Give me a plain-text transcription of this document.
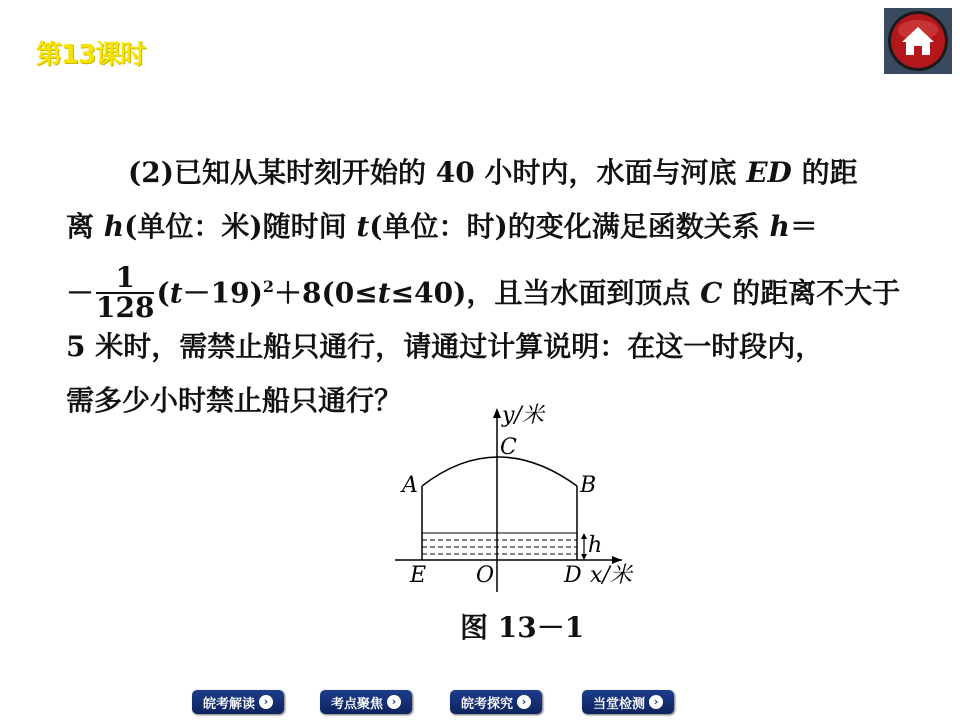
第13课时
(2)已知从某时刻开始的 40 小时内，水面与河底 ED 的距
离 h(单位：米)随时间 t(单位：时)的变化满足函数关系 h＝
－ $\frac{1}{128} (t-19)^2+8(0\le t\le 40)$，且当水面到顶点 C 的距离不大于
5 米时，需禁止船只通行，请通过计算说明：在这一时段内，
需多少小时禁止船只通行？	y/米
C
A	B
h
E O	D x/米
图 13－1
皖考解读 ›	考点聚焦 ›	皖考探究 ›	当堂检测 ›
